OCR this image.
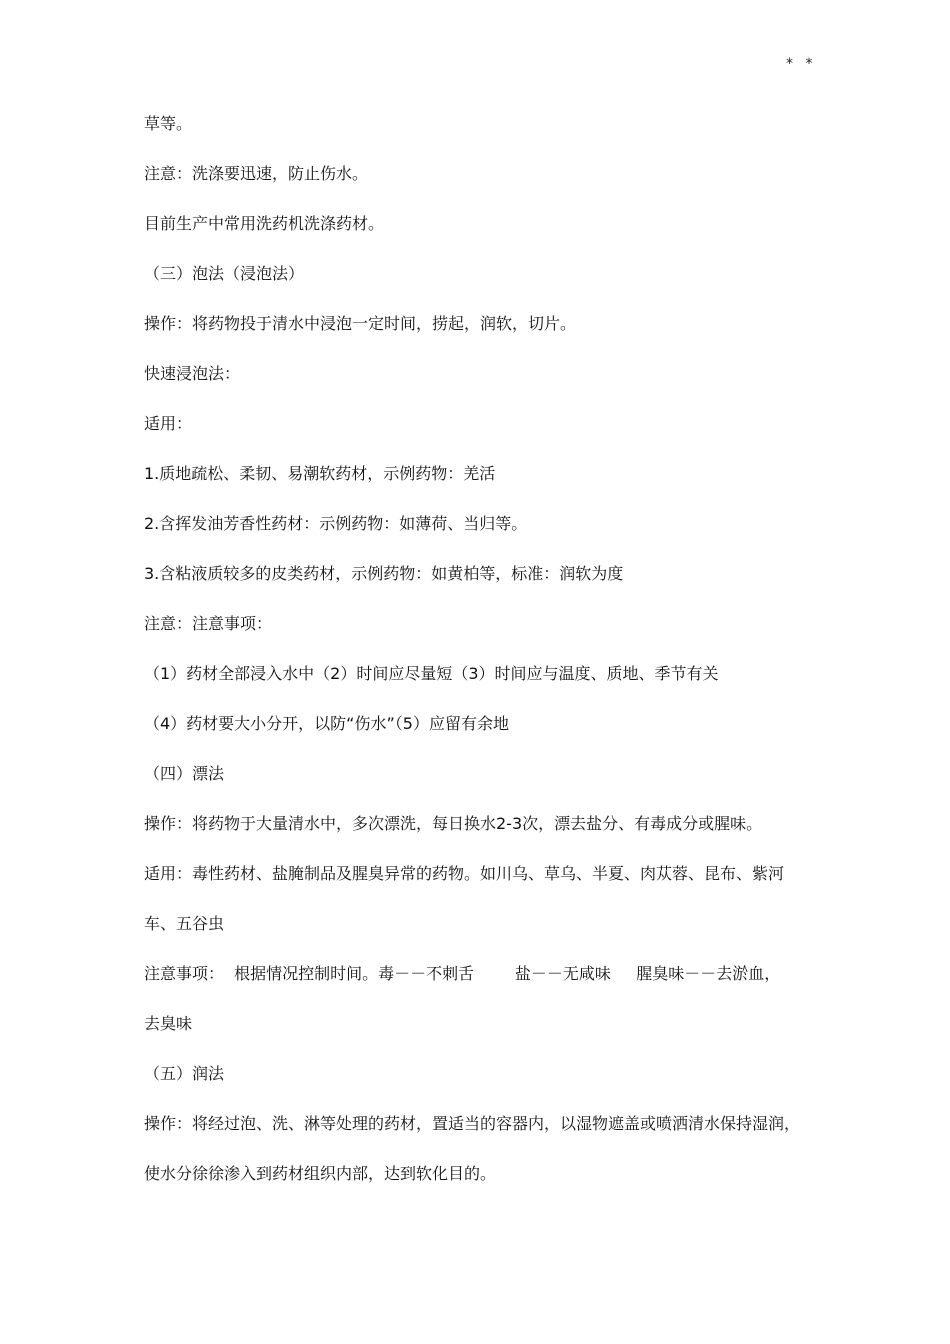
* *
草等。
注意：洗涤要迅速，防止伤水。
目前生产中常用洗药机洗涤药材。
（三）泡法（浸泡法）
操作：将药物投于清水中浸泡一定时间，捞起，润软，切片。
快速浸泡法：
适用：
1.质地疏松、柔韧、易潮软药材，示例药物：羌活
2.含挥发油芳香性药材：示例药物：如薄荷、当归等。
3.含粘液质较多的皮类药材，示例药物：如黄柏等，标准：润软为度
注意：注意事项：
（1）药材全部浸入水中（2）时间应尽量短（3）时间应与温度、质地、季节有关
（4）药材要大小分开，以防“伤水”（5）应留有余地
（四）漂法
操作：将药物于大量清水中，多次漂洗，每日换水2-3次，漂去盐分、有毒成分或腥味。
适用：毒性药材、盐腌制品及腥臭异常的药物。如川乌、草乌、半夏、肉苁蓉、昆布、紫河
车、五谷虫
注意事项：  根据情况控制时间。毒－－不刺舌        盐－－无咸味     腥臭味－－去淤血，
去臭味
（五）润法
操作：将经过泡、洗、淋等处理的药材，置适当的容器内，以湿物遮盖或喷洒清水保持湿润，
使水分徐徐渗入到药材组织内部，达到软化目的。
